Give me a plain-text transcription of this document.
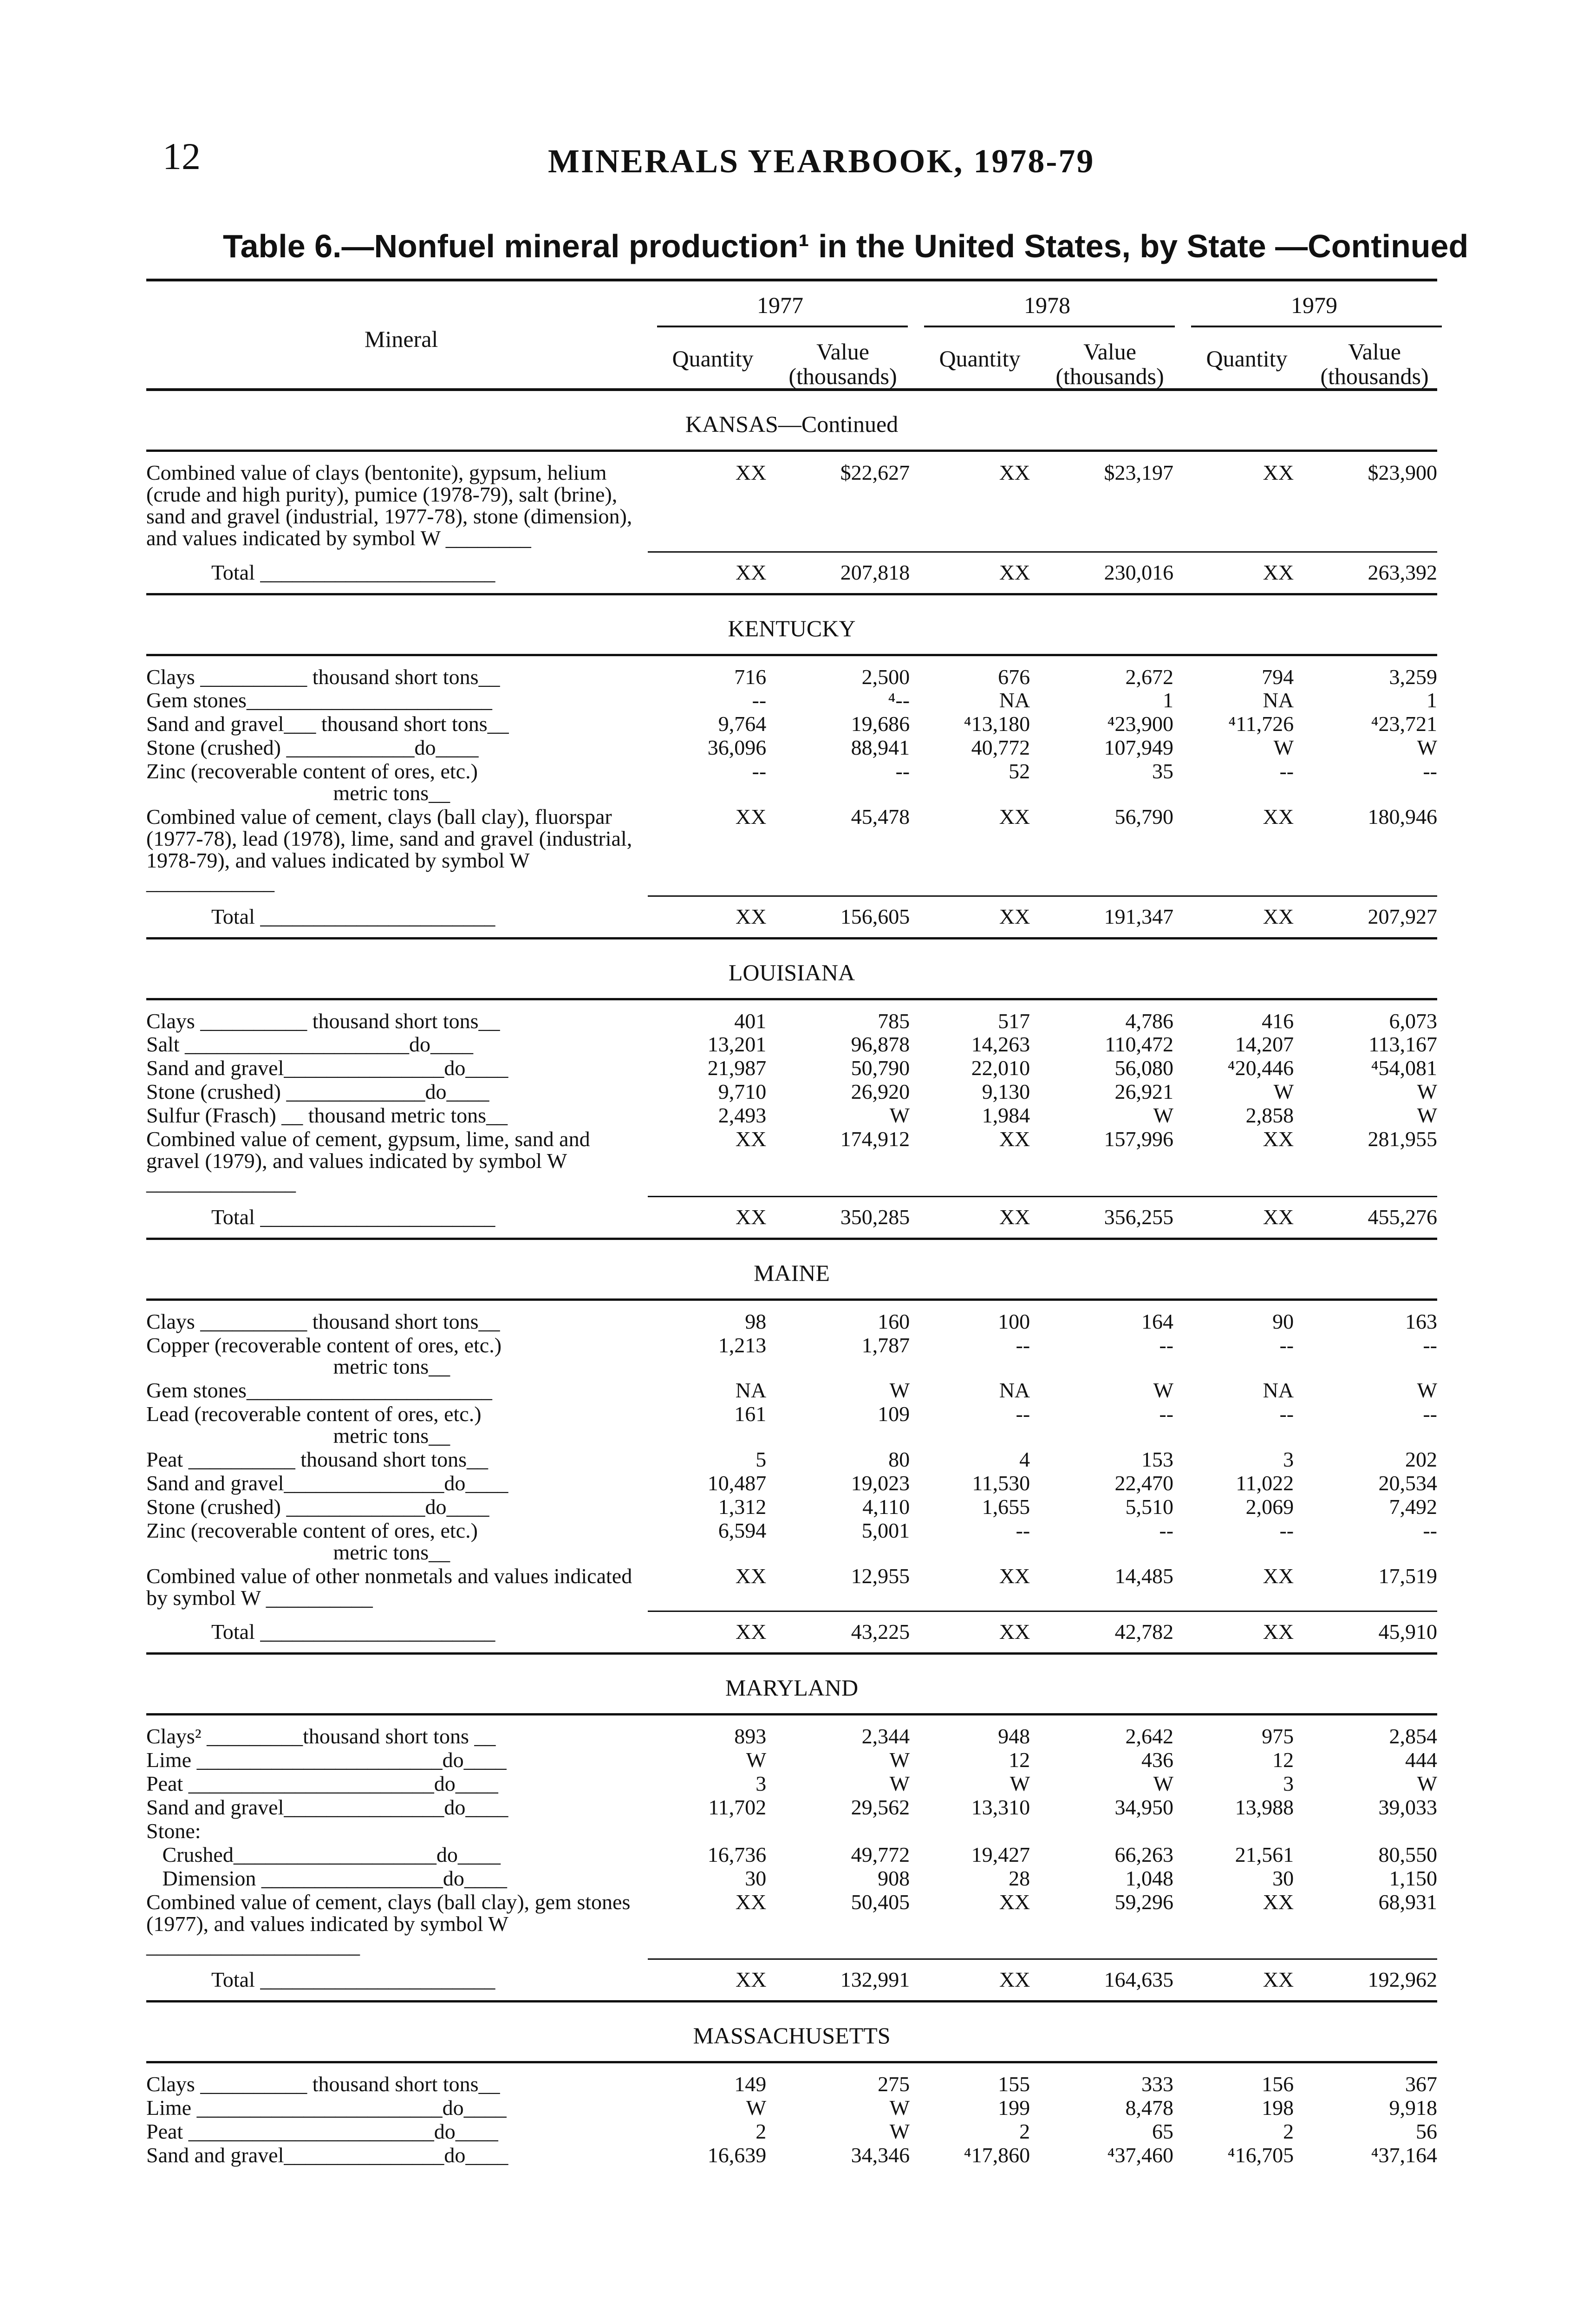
12	MINERALS YEARBOOK, 1978-79
Table 6.—Nonfuel mineral production¹ in the United States, by State —Continued
Mineral
1977	1978	1979
Quantity	Value (thousands)
Quantity	Value (thousands)
Quantity	Value (thousands)
KANSAS—Continued
Combined value of clays (bentonite), gypsum, helium (crude and high purity), pumice (1978-79), salt (brine), sand and gravel (industrial, 1977-78), stone (dimension), and values indicated by symbol W ________
XX	$22,627	XX	$23,197	XX	$23,900
Total ______________________	XX	207,818	XX	230,016	XX	263,392
KENTUCKY
Clays __________ thousand short tons__	716	2,500	676	2,672	794	3,259
Gem stones_______________________	--	⁴--	NA	1	NA	1
Sand and gravel___ thousand short tons__	9,764	19,686	⁴13,180	⁴23,900	⁴11,726	⁴23,721
Stone (crushed) ____________do____	36,096	88,941	40,772	107,949	W	W
Zinc (recoverable content of ores, etc.)
metric tons__
--	--	52	35	--	--
Combined value of cement, clays (ball clay), fluorspar (1977-78), lead (1978), lime, sand and gravel (industrial, 1978-79), and values indicated by symbol W ____________
XX	45,478	XX	56,790	XX	180,946
Total ______________________	XX	156,605	XX	191,347	XX	207,927
LOUISIANA
Clays __________ thousand short tons__	401	785	517	4,786	416	6,073
Salt _____________________do____	13,201	96,878	14,263	110,472	14,207	113,167
Sand and gravel_______________do____	21,987	50,790	22,010	56,080	⁴20,446	⁴54,081
Stone (crushed) _____________do____	9,710	26,920	9,130	26,921	W	W
Sulfur (Frasch) __ thousand metric tons__	2,493	W	1,984	W	2,858	W
Combined value of cement, gypsum, lime, sand and gravel (1979), and values indicated by symbol W ______________
XX	174,912	XX	157,996	XX	281,955
Total ______________________	XX	350,285	XX	356,255	XX	455,276
MAINE
Clays __________ thousand short tons__	98	160	100	164	90	163
Copper (recoverable content of ores, etc.)
metric tons__
1,213	1,787	--	--	--	--
Gem stones_______________________	NA	W	NA	W	NA	W
Lead (recoverable content of ores, etc.)
metric tons__
161	109	--	--	--	--
Peat __________ thousand short tons__	5	80	4	153	3	202
Sand and gravel_______________do____	10,487	19,023	11,530	22,470	11,022	20,534
Stone (crushed) _____________do____	1,312	4,110	1,655	5,510	2,069	7,492
Zinc (recoverable content of ores, etc.)
metric tons__
6,594	5,001	--	--	--	--
Combined value of other nonmetals and values indicated by symbol W __________
XX	12,955	XX	14,485	XX	17,519
Total ______________________	XX	43,225	XX	42,782	XX	45,910
MARYLAND
Clays² _________thousand short tons __	893	2,344	948	2,642	975	2,854
Lime _______________________do____	W	W	12	436	12	444
Peat _______________________do____	3	W	W	W	3	W
Sand and gravel_______________do____	11,702	29,562	13,310	34,950	13,988	39,033
Stone:
Crushed___________________do____	16,736	49,772	19,427	66,263	21,561	80,550
Dimension _________________do____	30	908	28	1,048	30	1,150
Combined value of cement, clays (ball clay), gem stones (1977), and values indicated by symbol W ____________________
XX	50,405	XX	59,296	XX	68,931
Total ______________________	XX	132,991	XX	164,635	XX	192,962
MASSACHUSETTS
Clays __________ thousand short tons__	149	275	155	333	156	367
Lime _______________________do____	W	W	199	8,478	198	9,918
Peat _______________________do____	2	W	2	65	2	56
Sand and gravel_______________do____	16,639	34,346	⁴17,860	⁴37,460	⁴16,705	⁴37,164
